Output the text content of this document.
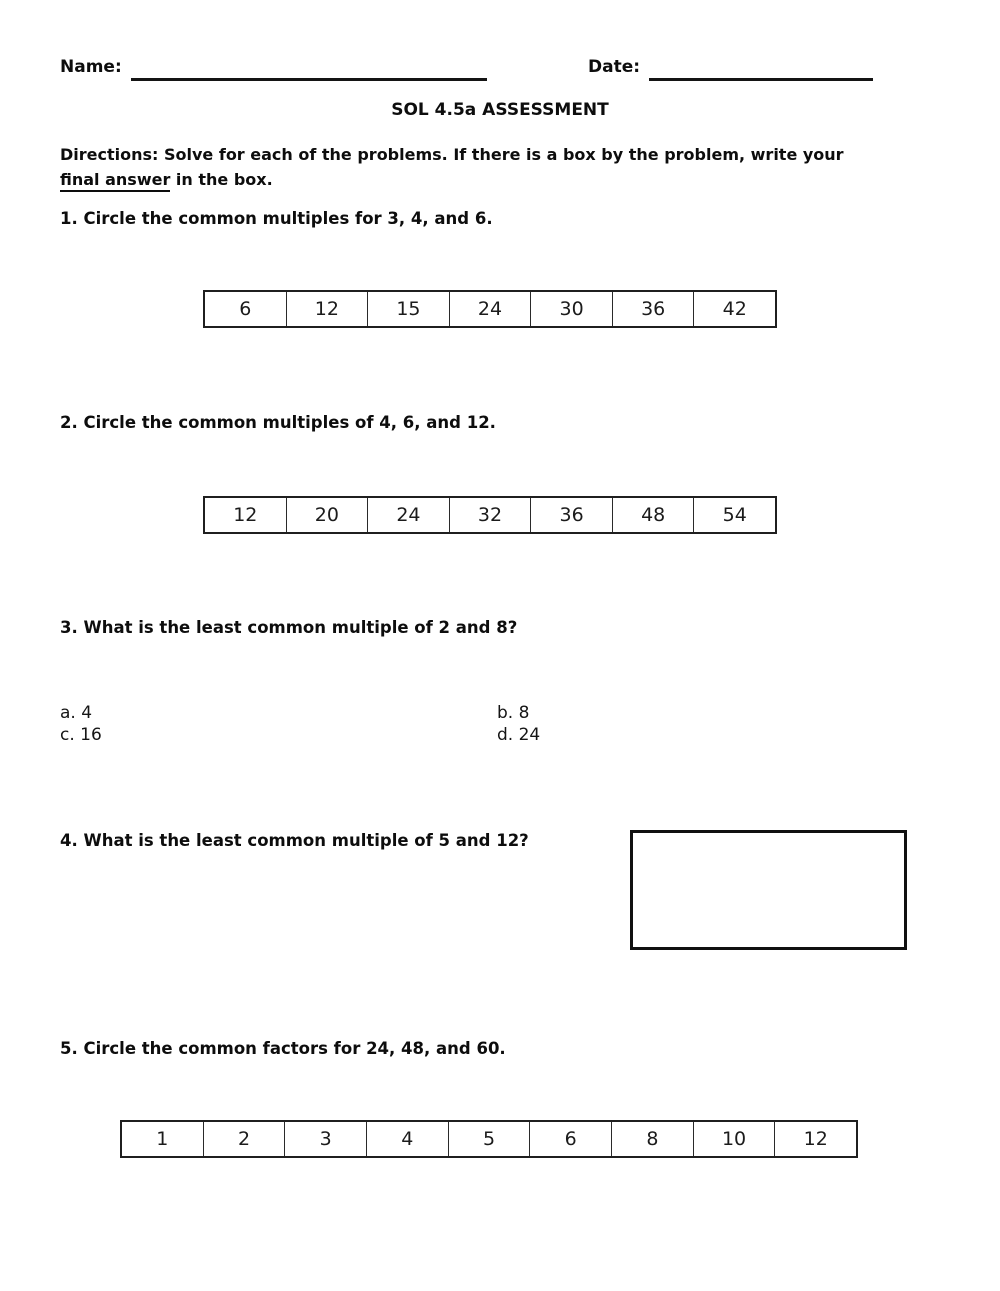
Name:	Date:
SOL 4.5a ASSESSMENT
Directions: Solve for each of the problems. If there is a box by the problem, write your
final answer in the box.
1. Circle the common multiples for 3, 4, and 6.
6	12	15	24	30	36	42
2. Circle the common multiples of 4, 6, and 12.
12	20	24	32	36	48	54
3. What is the least common multiple of 2 and 8?
a. 4
c. 16
b. 8
d. 24
4. What is the least common multiple of 5 and 12?
5. Circle the common factors for 24, 48, and 60.
1	2	3	4	5	6	8	10	12
